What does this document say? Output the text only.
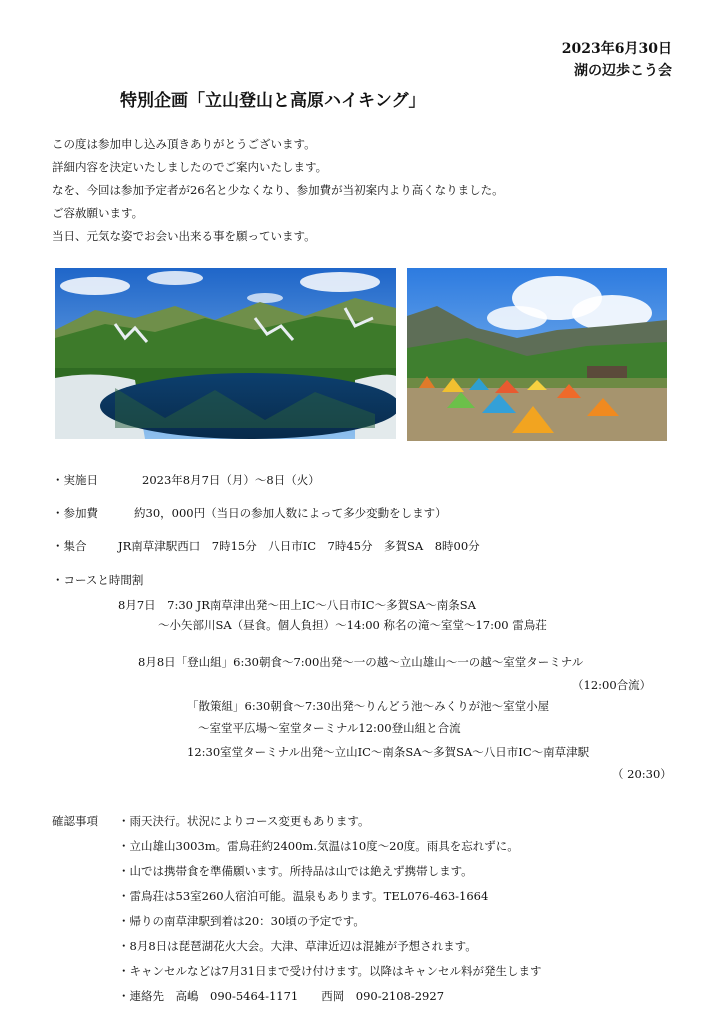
2023年6月30日
湖の辺歩こう会
特別企画「立山登山と高原ハイキング」
この度は参加申し込み頂きありがとうございます。
詳細内容を決定いたしましたのでご案内いたします。
なを、今回は参加予定者が26名と少なくなり、参加費が当初案内より高くなりました。
ご容赦願います。
当日、元気な姿でお会い出来る事を願っています。
・実施日	2023年8月7日（月）～8日（火）
・参加費	約30，000円（当日の参加人数によって多少変動をします）
・集合	JR南草津駅西口　7時15分　八日市IC　7時45分　多賀SA　8時00分
・コースと時間割
8月7日　7:30 JR南草津出発～田上IC～八日市IC～多賀SA～南条SA
～小矢部川SA（昼食。個人負担）～14:00 称名の滝～室堂～17:00 雷鳥荘
8月8日「登山組」6:30朝食～7:00出発～一の越～立山雄山～一の越～室堂ターミナル
（12:00合流）
「散策組」6:30朝食～7:30出発～りんどう池～みくりが池～室堂小屋
～室堂平広場～室堂ターミナル12:00登山組と合流
12:30室堂ターミナル出発～立山IC～南条SA～多賀SA～八日市IC～南草津駅
（ 20:30）
確認事項 ・雨天決行。状況によりコース変更もあります。
・立山雄山3003m。雷鳥荘約2400m.気温は10度～20度。雨具を忘れずに。
・山では携帯食を準備願います。所持品は山では絶えず携帯します。
・雷鳥荘は53室260人宿泊可能。温泉もあります。TEL076-463-1664
・帰りの南草津駅到着は20：30頃の予定です。
・8月8日は琵琶湖花火大会。大津、草津近辺は混雑が予想されます。
・キャンセルなどは7月31日まで受け付けます。以降はキャンセル料が発生します
・連絡先　高嶋　090-5464-1171　　西岡　090-2108-2927
